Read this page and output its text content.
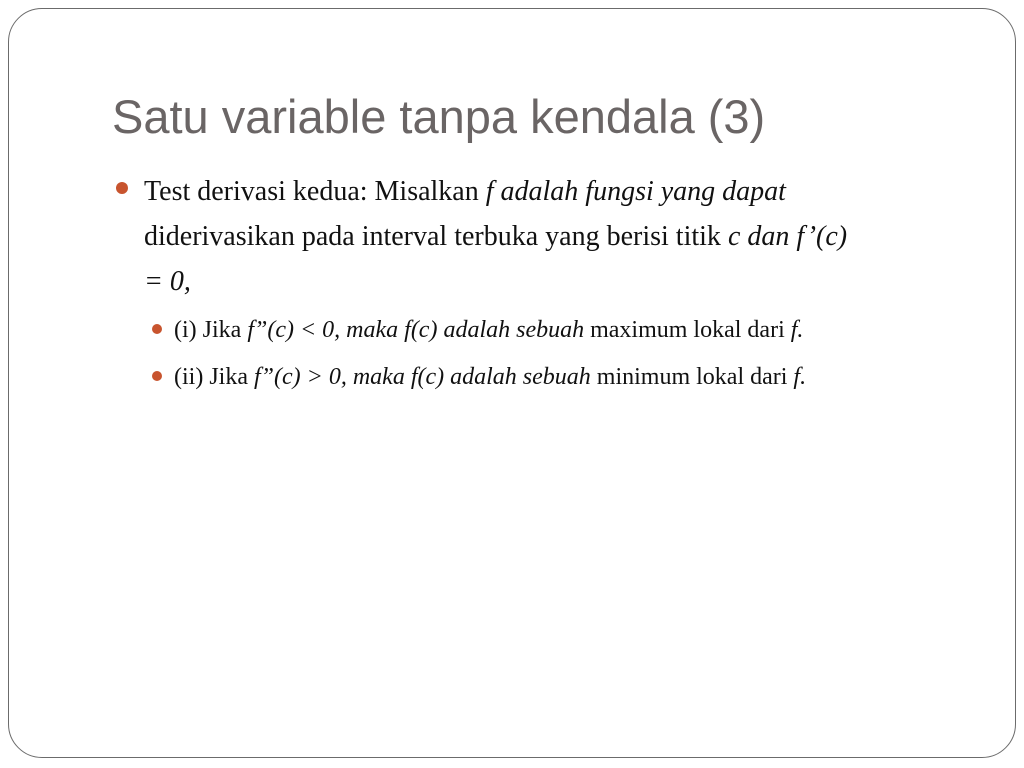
Satu variable tanpa kendala (3)

Test derivasi kedua: Misalkan f adalah fungsi yang dapat
diderivasikan pada interval terbuka yang berisi titik c dan f’(c)
= 0,

(i) Jika f”(c) < 0, maka f(c) adalah sebuah maximum lokal dari f.

(ii) Jika f”(c) > 0, maka f(c) adalah sebuah minimum lokal dari f.
